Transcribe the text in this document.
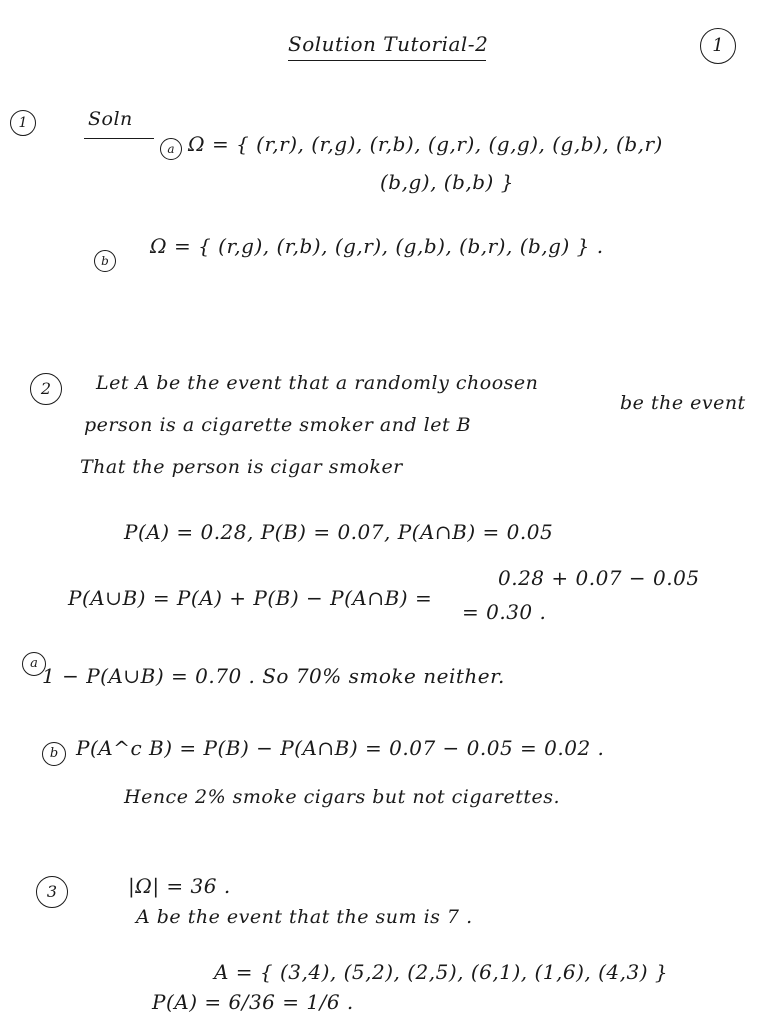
Solution Tutorial-2	1
1	Soln
a Ω = { (r,r), (r,g), (r,b), (g,r), (g,g), (g,b), (b,r)
(b,g), (b,b) }
b
Ω = { (r,g), (r,b), (g,r), (g,b), (b,r), (b,g) } .
2	Let A be the event that a randomly choosen
be the event
person is a cigarette smoker and let B
That the person is cigar smoker
P(A) = 0.28, P(B) = 0.07, P(A∩B) = 0.05
P(A∪B) = P(A) + P(B) − P(A∩B) =
0.28 + 0.07 − 0.05
= 0.30 .
a
1 − P(A∪B) = 0.70 . So 70% smoke neither.
b P(A^c B) = P(B) − P(A∩B) = 0.07 − 0.05 = 0.02 .
Hence 2% smoke cigars but not cigarettes.
3	|Ω| = 36 .
A be the event that the sum is 7 .
A = { (3,4), (5,2), (2,5), (6,1), (1,6), (4,3) }
P(A) = 6/36 = 1/6 .
